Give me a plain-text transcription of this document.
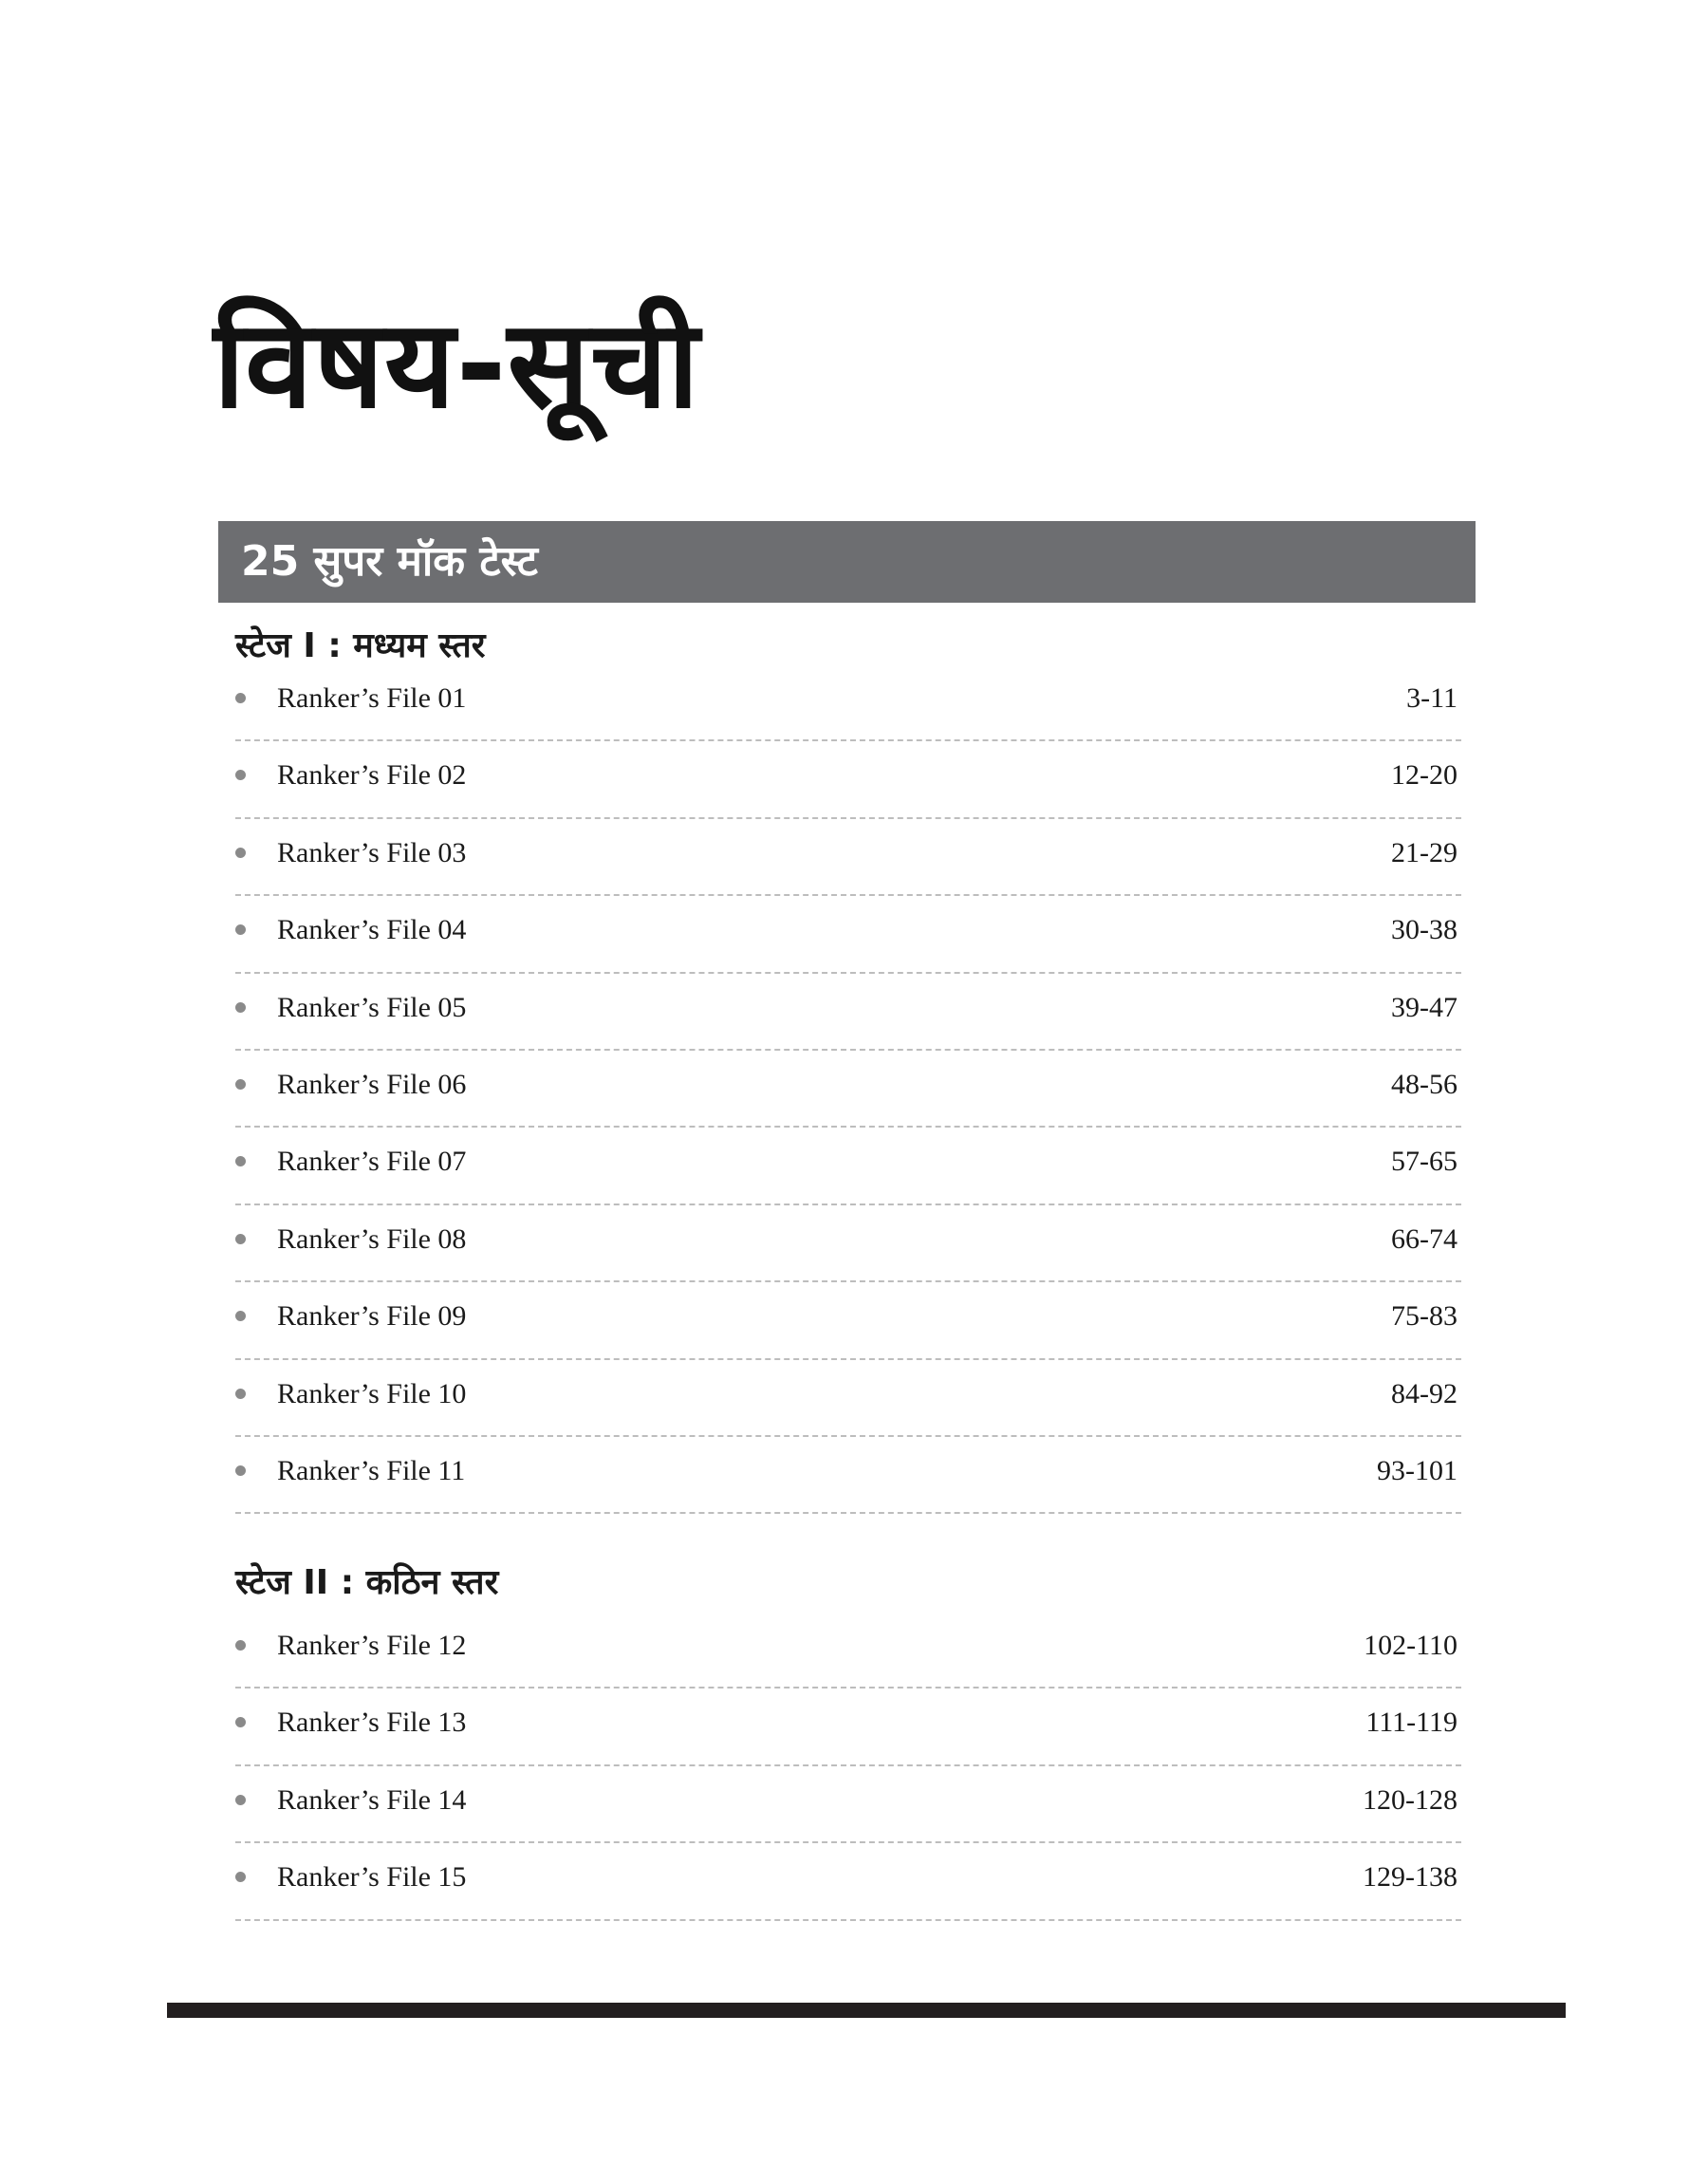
विषय-सूची
25 सुपर मॉक टेस्ट
स्टेज I : मध्यम स्तर
Ranker’s File 01	3-11
Ranker’s File 02	12-20
Ranker’s File 03	21-29
Ranker’s File 04	30-38
Ranker’s File 05	39-47
Ranker’s File 06	48-56
Ranker’s File 07	57-65
Ranker’s File 08	66-74
Ranker’s File 09	75-83
Ranker’s File 10	84-92
Ranker’s File 11	93-101
स्टेज II : कठिन स्तर
Ranker’s File 12	102-110
Ranker’s File 13	111-119
Ranker’s File 14	120-128
Ranker’s File 15	129-138
